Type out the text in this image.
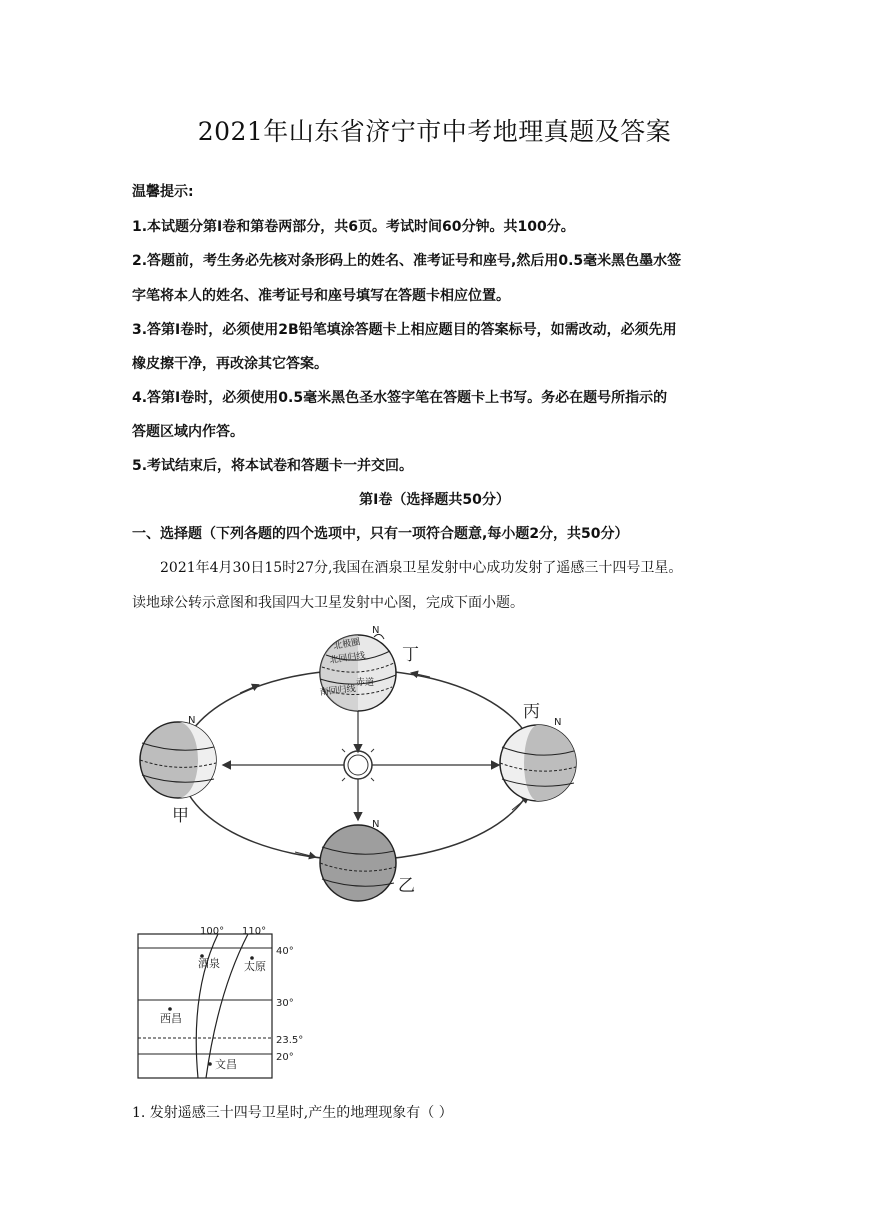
2021年山东省济宁市中考地理真题及答案
温馨提示:
1.本试题分第Ⅰ卷和第卷两部分，共6页。考试时间60分钟。共100分。
2.答题前，考生务必先核对条形码上的姓名、准考证号和座号,然后用0.5毫米黑色墨水签
字笔将本人的姓名、准考证号和座号填写在答题卡相应位置。
3.答第Ⅰ卷时，必须使用2B铅笔填涂答题卡上相应题目的答案标号，如需改动，必须先用
橡皮擦干净，再改涂其它答案。
4.答第Ⅰ卷时，必须使用0.5毫米黑色圣水签字笔在答题卡上书写。务必在题号所指示的
答题区域内作答。
5.考试结束后，将本试卷和答题卡一并交回。
第Ⅰ卷（选择题共50分）
一、选择题（下列各题的四个选项中，只有一项符合题意,每小题2分，共50分）
2021年4月30日15时27分,我国在酒泉卫星发射中心成功发射了遥感三十四号卫星。
读地球公转示意图和我国四大卫星发射中心图，完成下面小题。
北极圈
北回归线
赤道
南回归线
N
丁
N
甲
N
丙
N
乙
100° 110°
40°
30°
23.5°
20°
酒泉 太原
西昌
文昌
1. 发射遥感三十四号卫星时,产生的地理现象有（ ）
